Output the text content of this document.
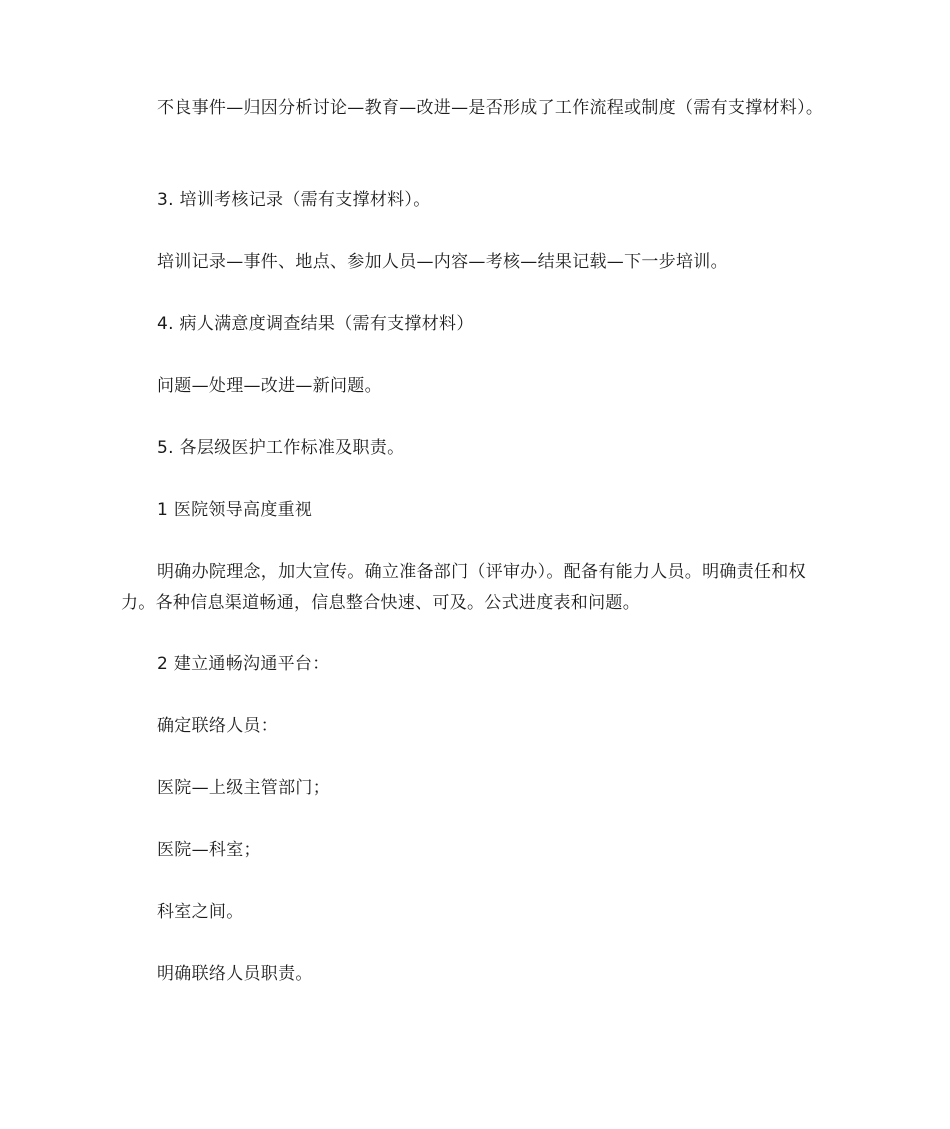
不良事件—归因分析讨论—教育—改进—是否形成了工作流程或制度（需有支撑材料）。

3. 培训考核记录（需有支撑材料）。

培训记录—事件、地点、参加人员—内容—考核—结果记载—下一步培训。

4. 病人满意度调查结果（需有支撑材料）

问题—处理—改进—新问题。

5. 各层级医护工作标准及职责。

1 医院领导高度重视

明确办院理念，加大宣传。确立准备部门（评审办）。配备有能力人员。明确责任和权力。各种信息渠道畅通，信息整合快速、可及。公式进度表和问题。

2 建立通畅沟通平台：

确定联络人员：

医院—上级主管部门；

医院—科室；

科室之间。

明确联络人员职责。
